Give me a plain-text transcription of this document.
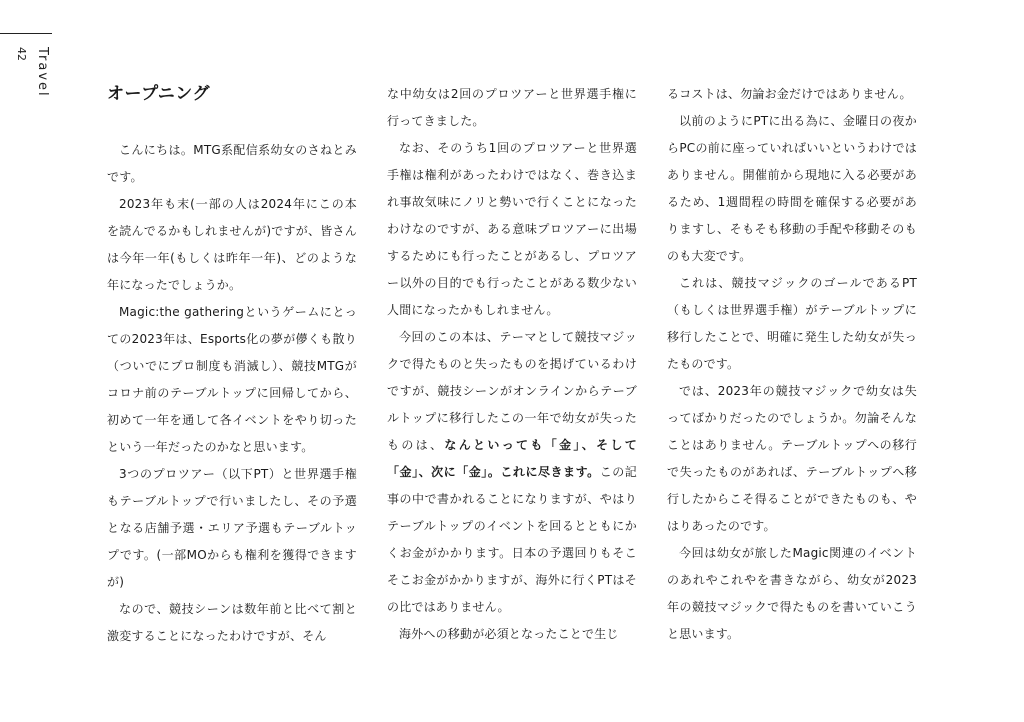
Travel
42
オープニング

こんにちは。MTG系配信系幼女のさねとみです。

2023年も末(一部の人は2024年にこの本を読んでるかもしれませんが)ですが、皆さんは今年一年(もしくは昨年一年)、どのような年になったでしょうか。

Magic:the gatheringというゲームにとっての2023年は、Esports化の夢が儚くも散り（ついでにプロ制度も消滅し）、競技MTGがコロナ前のテーブルトップに回帰してから、初めて一年を通して各イベントをやり切ったという一年だったのかなと思います。

3つのプロツアー（以下PT）と世界選手権もテーブルトップで行いましたし、その予選となる店舗予選・エリア予選もテーブルトップです。(一部MOからも権利を獲得できますが)

なので、競技シーンは数年前と比べて割と激変することになったわけですが、そん

な中幼女は2回のプロツアーと世界選手権に行ってきました。

なお、そのうち1回のプロツアーと世界選手権は権利があったわけではなく、巻き込まれ事故気味にノリと勢いで行くことになったわけなのですが、ある意味プロツアーに出場するためにも行ったことがあるし、プロツアー以外の目的でも行ったことがある数少ない人間になったかもしれません。

今回のこの本は、テーマとして競技マジックで得たものと失ったものを掲げているわけですが、競技シーンがオンラインからテーブルトップに移行したこの一年で幼女が失ったものは、なんといっても「金」、そして「金」、次に「金」。これに尽きます。この記事の中で書かれることになりますが、やはりテーブルトップのイベントを回るとともにかくお金がかかります。日本の予選回りもそこそこお金がかかりますが、海外に行くPTはその比ではありません。

海外への移動が必須となったことで生じ

るコストは、勿論お金だけではありません。

以前のようにPTに出る為に、金曜日の夜からPCの前に座っていればいいというわけではありません。開催前から現地に入る必要があるため、1週間程の時間を確保する必要がありますし、そもそも移動の手配や移動そのものも大変です。

これは、競技マジックのゴールであるPT（もしくは世界選手権）がテーブルトップに移行したことで、明確に発生した幼女が失ったものです。

では、2023年の競技マジックで幼女は失ってばかりだったのでしょうか。勿論そんなことはありません。テーブルトップへの移行で失ったものがあれば、テーブルトップへ移行したからこそ得ることができたものも、やはりあったのです。

今回は幼女が旅したMagic関連のイベントのあれやこれやを書きながら、幼女が2023年の競技マジックで得たものを書いていこうと思います。
